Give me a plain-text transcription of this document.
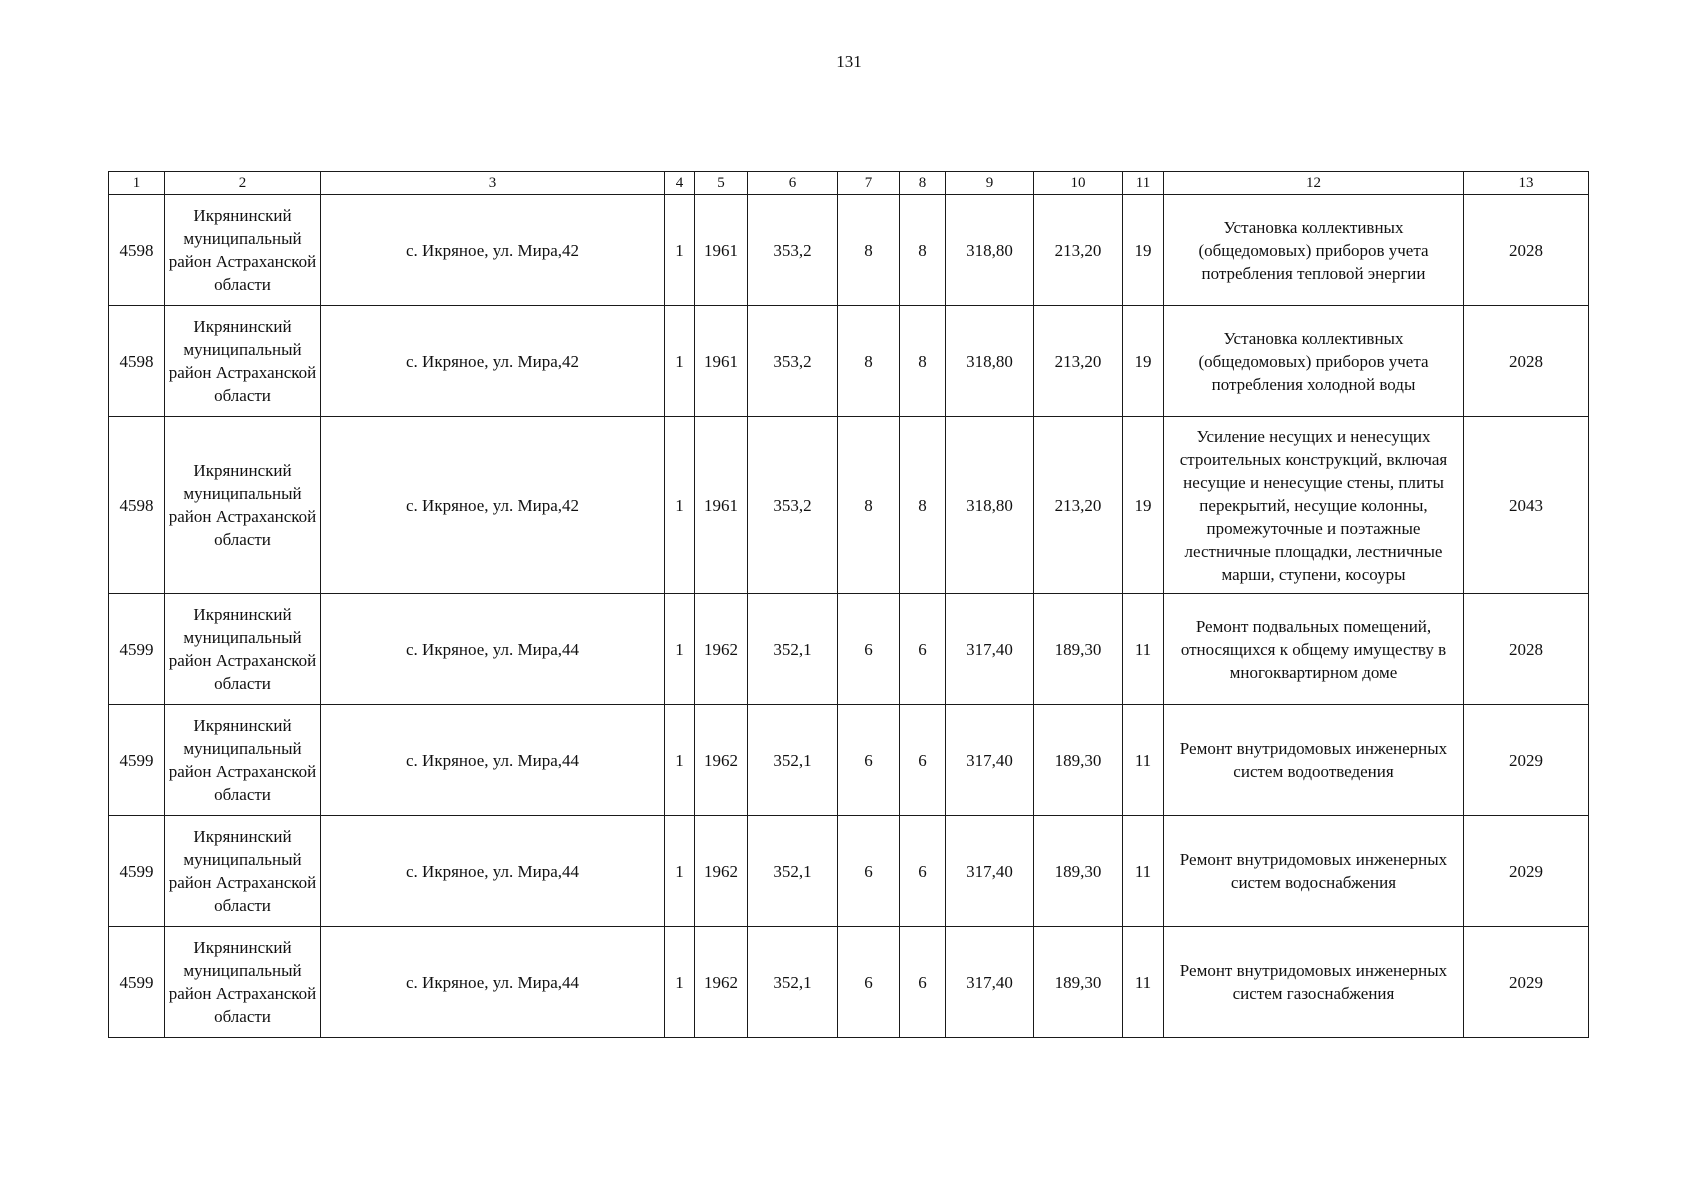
131
1	2	3	4	5	6	7	8	9	10	11	12	13
4598	Икрянинский муниципальный район Астраханской области	с. Икряное, ул. Мира,42	1	1961	353,2	8	8	318,80	213,20	19	Установка коллективных (общедомовых) приборов учета потребления тепловой энергии	2028
4598	Икрянинский муниципальный район Астраханской области	с. Икряное, ул. Мира,42	1	1961	353,2	8	8	318,80	213,20	19	Установка коллективных (общедомовых) приборов учета потребления холодной воды	2028
4598	Икрянинский муниципальный район Астраханской области	с. Икряное, ул. Мира,42	1	1961	353,2	8	8	318,80	213,20	19	Усиление несущих и ненесущих строительных конструкций, включая несущие и ненесущие стены, плиты перекрытий, несущие колонны, промежуточные и поэтажные лестничные площадки, лестничные марши, ступени, косоуры	2043
4599	Икрянинский муниципальный район Астраханской области	с. Икряное, ул. Мира,44	1	1962	352,1	6	6	317,40	189,30	11	Ремонт подвальных помещений, относящихся к общему имуществу в многоквартирном доме	2028
4599	Икрянинский муниципальный район Астраханской области	с. Икряное, ул. Мира,44	1	1962	352,1	6	6	317,40	189,30	11	Ремонт внутридомовых инженерных систем водоотведения	2029
4599	Икрянинский муниципальный район Астраханской области	с. Икряное, ул. Мира,44	1	1962	352,1	6	6	317,40	189,30	11	Ремонт внутридомовых инженерных систем водоснабжения	2029
4599	Икрянинский муниципальный район Астраханской области	с. Икряное, ул. Мира,44	1	1962	352,1	6	6	317,40	189,30	11	Ремонт внутридомовых инженерных систем газоснабжения	2029
